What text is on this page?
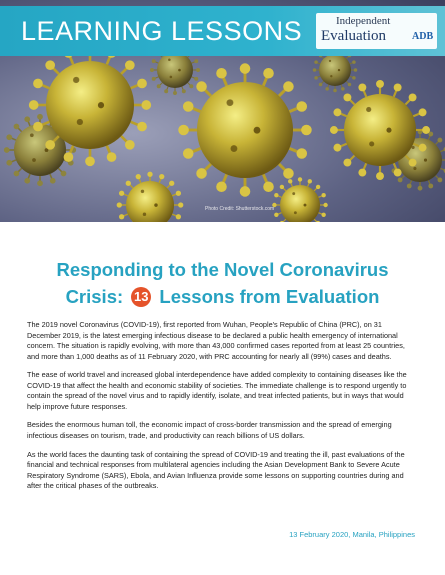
LEARNING LESSONS	Independent
Evaluation	ADB
Photo Credit: Shutterstock.com
Responding to the Novel Coronavirus
Crisis: 13 Lessons from Evaluation

The 2019 novel Coronavirus (COVID-19), first reported from Wuhan, People's Republic of China (PRC), on 31 December 2019, is the latest emerging infectious disease to be declared a public health emergency of international concern. The situation is rapidly evolving, with more than 43,000 confirmed cases reported from at least 25 countries, and more than 1,000 deaths as of 11 February 2020, with PRC accounting for nearly all (99%) cases and deaths.

The ease of world travel and increased global interdependence have added complexity to containing diseases like the COVID-19 that affect the health and economic stability of societies. The immediate challenge is to respond urgently to contain the spread of the novel virus and to rapidly identify, isolate, and treat infected patients, but in ways that would help improve future responses.

Besides the enormous human toll, the economic impact of cross-border transmission and the spread of emerging infectious diseases on tourism, trade, and productivity can reach billions of US dollars.

As the world faces the daunting task of containing the spread of COVID-19 and treating the ill, past evaluations of the financial and technical responses from multilateral agencies including the Asian Development Bank to Severe Acute Respiratory Syndrome (SARS), Ebola, and Avian Influenza provide some lessons on supporting countries during and after the critical phases of the outbreaks.

13 February 2020, Manila, Philippines
